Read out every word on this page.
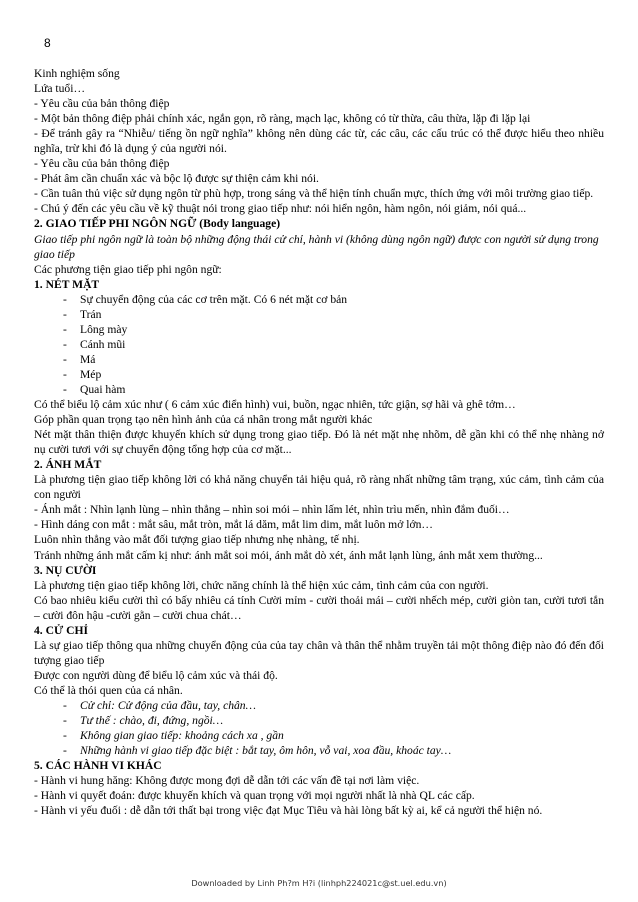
8

Kinh nghiệm sống

Lứa tuổi…

- Yêu cầu của bản thông điệp

- Một bản thông điệp phải chính xác, ngắn gọn, rõ ràng, mạch lạc, không có từ thừa, câu thừa, lặp đi lặp lại

- Để tránh gây ra “Nhiễu/ tiếng ồn ngữ nghĩa” không nên dùng các từ, các câu, các cấu trúc có thể được hiểu theo nhiều nghĩa, trừ khi đó là dụng ý của người nói.

- Yêu cầu của bản thông điệp

- Phát âm cần chuẩn xác và bộc lộ được sự thiện cảm khi nói.

- Cần tuân thủ việc sử dụng ngôn từ phù hợp, trong sáng và thể hiện tính chuẩn mực, thích ứng với môi trường giao tiếp.

- Chú ý đến các yêu cầu về kỹ thuật nói trong giao tiếp như: nói hiển ngôn, hàm ngôn, nói giảm, nói quá...

2. GIAO TIẾP PHI NGÔN NGỮ (Body language)

Giao tiếp phi ngôn ngữ là toàn bộ những động thái cử chỉ, hành vi (không dùng ngôn ngữ) được con người sử dụng trong giao tiếp

Các phương tiện giao tiếp phi ngôn ngữ:

1. NÉT MẶT

- Sự chuyển động của các cơ trên mặt. Có 6 nét mặt cơ bản
- Trán
- Lông mày
- Cánh mũi
- Má
- Mép
- Quai hàm

Có thể biểu lộ cảm xúc như ( 6 cảm xúc điển hình) vui, buồn, ngạc nhiên, tức giận, sợ hãi và ghê tởm…

Góp phần quan trọng tạo nên hình ảnh của cá nhân trong mắt người khác

Nét mặt thân thiện được khuyến khích sử dụng trong giao tiếp. Đó là nét mặt nhẹ nhõm, dễ gần khi có thể nhẹ nhàng nở nụ cười tươi với sự chuyển động tổng hợp của cơ mặt...

2. ÁNH MẮT

Là phương tiện giao tiếp không lời có khả năng chuyển tải hiệu quả, rõ ràng nhất những tâm trạng, xúc cảm, tình cảm của con người

- Ánh mắt : Nhìn lạnh lùng – nhìn thẳng – nhìn soi mói – nhìn lấm lét, nhìn trìu mến, nhìn đắm đuối…

- Hình dáng con mắt : mắt sâu, mắt tròn, mắt lá dăm, mắt lim dim, mắt luôn mở lớn…

Luôn nhìn thẳng vào mắt đối tượng giao tiếp nhưng nhẹ nhàng, tế nhị.

Tránh những ánh mắt cấm kị như: ánh mắt soi mói, ánh mắt dò xét, ánh mắt lạnh lùng, ánh mắt xem thường...

3. NỤ CƯỜI

Là phương tiện giao tiếp không lời, chức năng chính là thể hiện xúc cảm, tình cảm của con người.

Có bao nhiêu kiểu cười thì có bấy nhiêu cá tính Cười mỉm - cười thoải mái – cười nhếch mép, cười giòn tan, cười tươi tắn – cười đôn hậu -cười gằn – cười chua chát…

4. CỬ CHỈ

Là sự giao tiếp thông qua những chuyển động của của tay chân và thân thể nhằm truyền tải một thông điệp nào đó đến đối tượng giao tiếp

Được con người dùng để biểu lộ cảm xúc và thái độ.

Có thể là thói quen của cá nhân.

- Cử chỉ: Cử động của đầu, tay, chân…
- Tư thế : chào, đi, đứng, ngồi…
- Không gian giao tiếp: khoảng cách xa , gần
- Những hành vi giao tiếp đặc biệt : bắt tay, ôm hôn, vỗ vai, xoa đầu, khoác tay…

5. CÁC HÀNH VI KHÁC

- Hành vi hung hăng: Không được mong đợi dễ dẫn tới các vấn đề tại nơi làm việc.

- Hành vi quyết đoán: được khuyến khích và quan trọng với mọi người nhất là nhà QL các cấp.

- Hành vi yếu đuối : dễ dẫn tới thất bại trong việc đạt Mục Tiêu và hài lòng bất kỳ ai, kể cả người thể hiện nó.

Downloaded by Linh Ph?m H?i (linhph224021c@st.uel.edu.vn)
